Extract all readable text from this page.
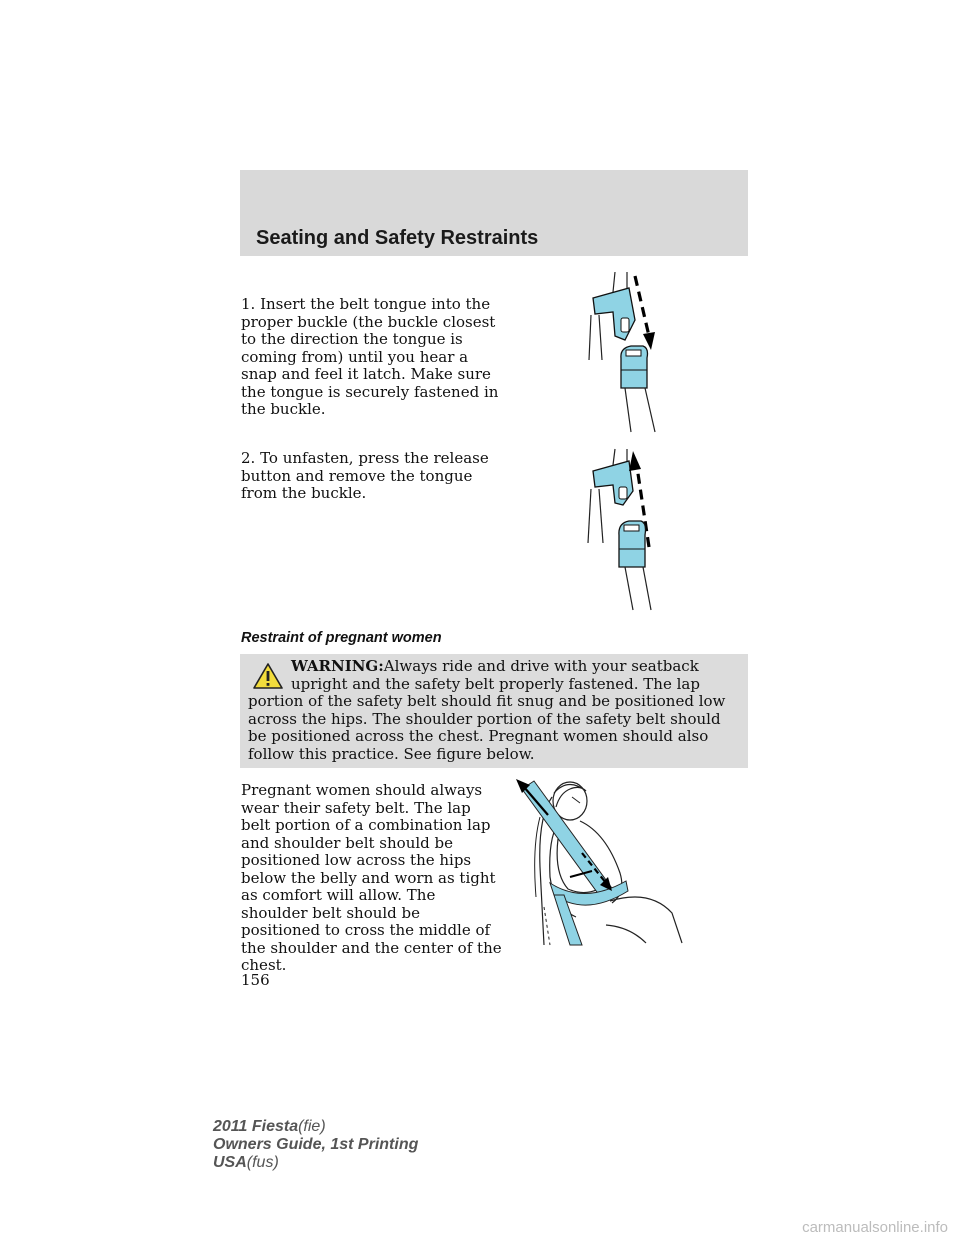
Seating and Safety Restraints

1. Insert the belt tongue into the proper buckle (the buckle closest to the direction the tongue is coming from) until you hear a snap and feel it latch. Make sure the tongue is securely fastened in the buckle.

2. To unfasten, press the release button and remove the tongue from the buckle.

Restraint of pregnant women

WARNING:Always ride and drive with your seatback upright and the safety belt properly fastened. The lap portion of the safety belt should fit snug and be positioned low across the hips. The shoulder portion of the safety belt should be positioned across the chest. Pregnant women should also follow this practice. See figure below.

Pregnant women should always wear their safety belt. The lap belt portion of a combination lap and shoulder belt should be positioned low across the hips below the belly and worn as tight as comfort will allow. The shoulder belt should be positioned to cross the middle of the shoulder and the center of the chest.

156

2011 Fiesta(fie)
Owners Guide, 1st Printing
USA(fus)

carmanualsonline.info
